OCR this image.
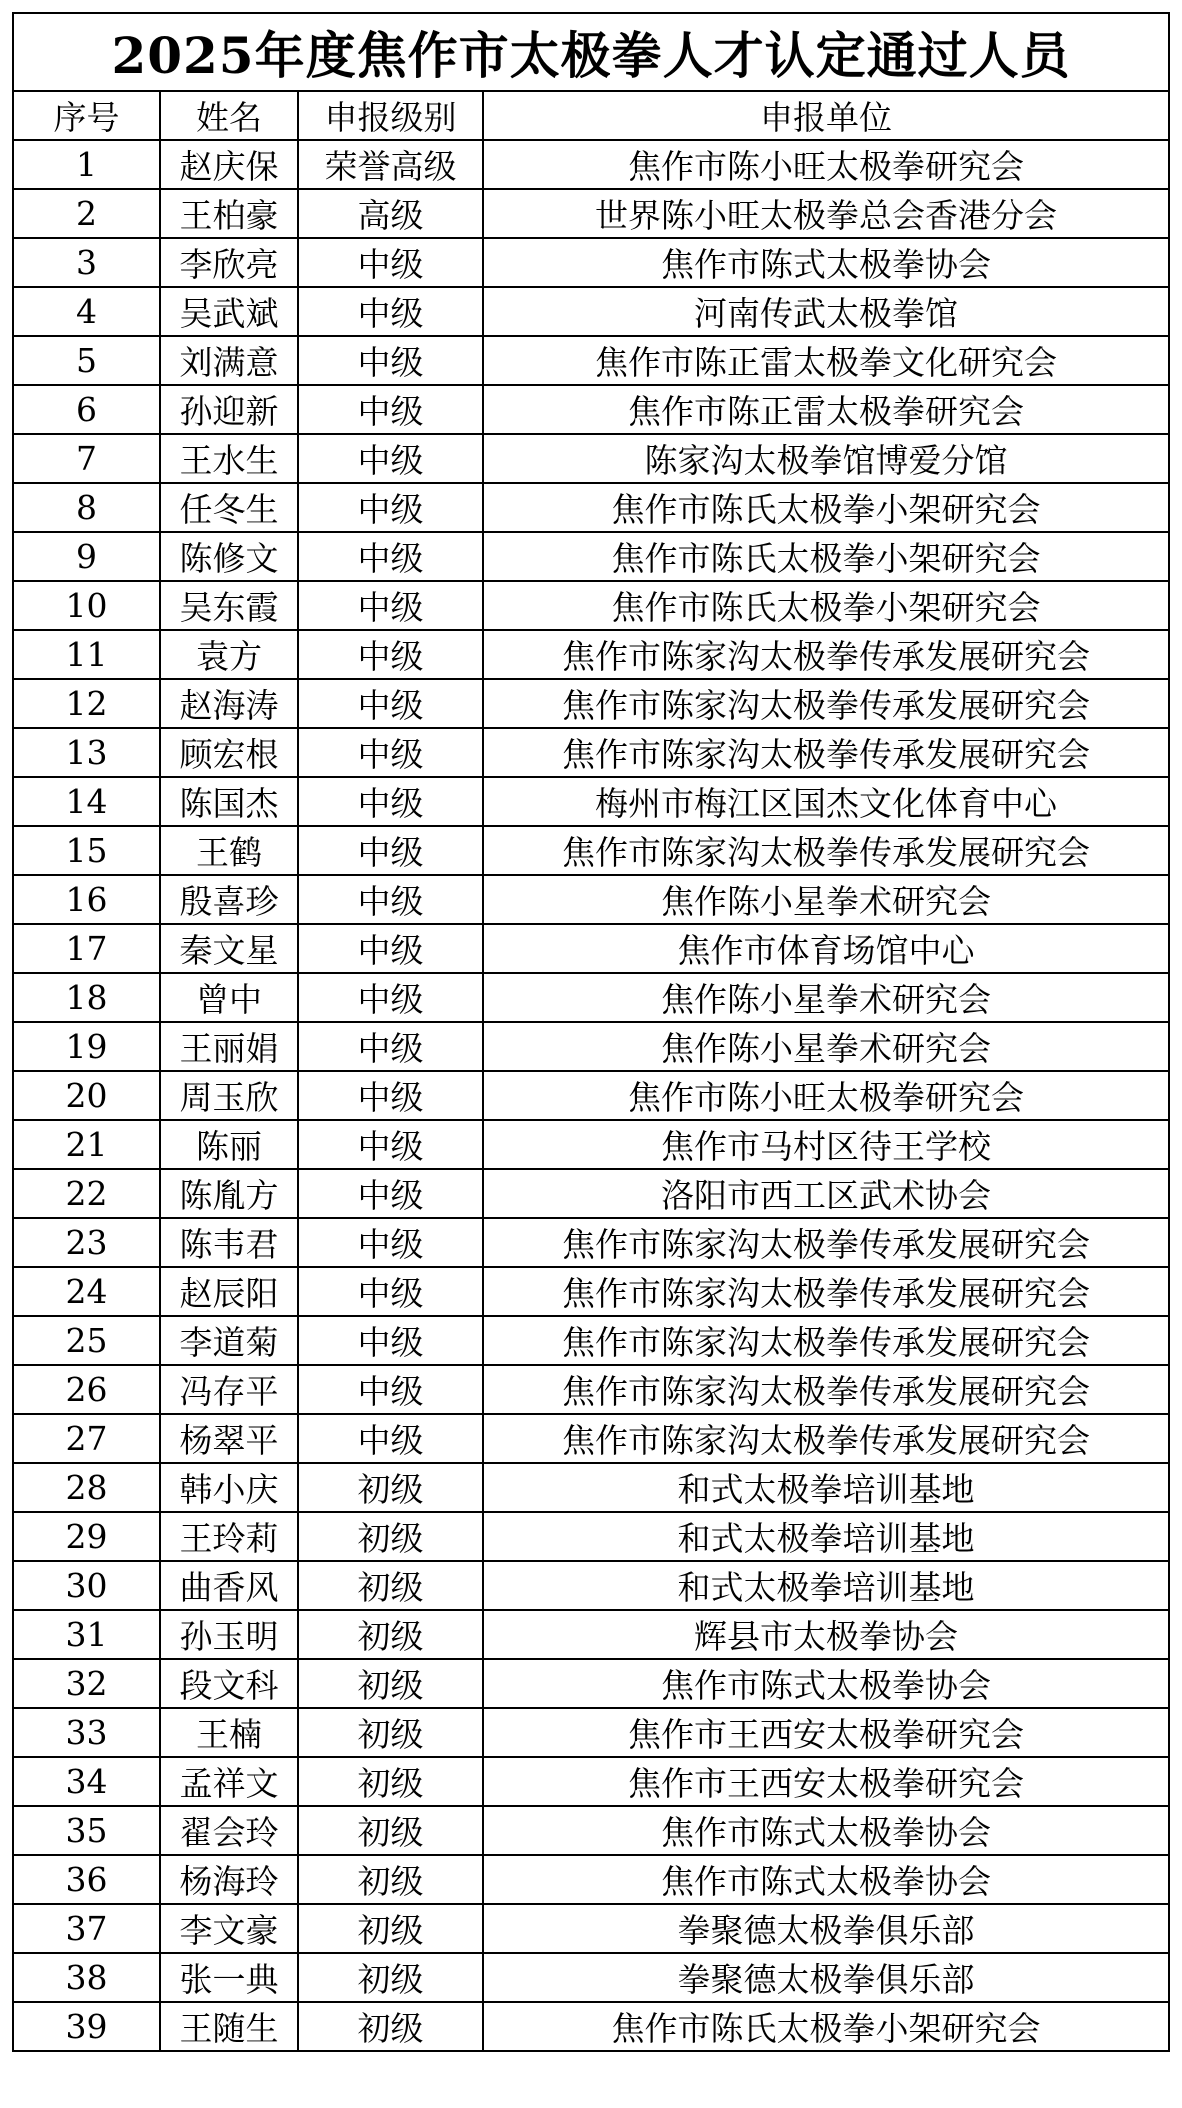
2025年度焦作市太极拳人才认定通过人员			
序号	姓名	申报级别	申报单位
1	赵庆保	荣誉高级	焦作市陈小旺太极拳研究会
2	王柏豪	高级	世界陈小旺太极拳总会香港分会
3	李欣亮	中级	焦作市陈式太极拳协会
4	吴武斌	中级	河南传武太极拳馆
5	刘满意	中级	焦作市陈正雷太极拳文化研究会
6	孙迎新	中级	焦作市陈正雷太极拳研究会
7	王水生	中级	陈家沟太极拳馆博爱分馆
8	任冬生	中级	焦作市陈氏太极拳小架研究会
9	陈修文	中级	焦作市陈氏太极拳小架研究会
10	吴东霞	中级	焦作市陈氏太极拳小架研究会
11	袁方	中级	焦作市陈家沟太极拳传承发展研究会
12	赵海涛	中级	焦作市陈家沟太极拳传承发展研究会
13	顾宏根	中级	焦作市陈家沟太极拳传承发展研究会
14	陈国杰	中级	梅州市梅江区国杰文化体育中心
15	王鹤	中级	焦作市陈家沟太极拳传承发展研究会
16	殷喜珍	中级	焦作陈小星拳术研究会
17	秦文星	中级	焦作市体育场馆中心
18	曾中	中级	焦作陈小星拳术研究会
19	王丽娟	中级	焦作陈小星拳术研究会
20	周玉欣	中级	焦作市陈小旺太极拳研究会
21	陈丽	中级	焦作市马村区待王学校
22	陈胤方	中级	洛阳市西工区武术协会
23	陈韦君	中级	焦作市陈家沟太极拳传承发展研究会
24	赵辰阳	中级	焦作市陈家沟太极拳传承发展研究会
25	李道菊	中级	焦作市陈家沟太极拳传承发展研究会
26	冯存平	中级	焦作市陈家沟太极拳传承发展研究会
27	杨翠平	中级	焦作市陈家沟太极拳传承发展研究会
28	韩小庆	初级	和式太极拳培训基地
29	王玲莉	初级	和式太极拳培训基地
30	曲香风	初级	和式太极拳培训基地
31	孙玉明	初级	辉县市太极拳协会
32	段文科	初级	焦作市陈式太极拳协会
33	王楠	初级	焦作市王西安太极拳研究会
34	孟祥文	初级	焦作市王西安太极拳研究会
35	翟会玲	初级	焦作市陈式太极拳协会
36	杨海玲	初级	焦作市陈式太极拳协会
37	李文豪	初级	拳聚德太极拳俱乐部
38	张一典	初级	拳聚德太极拳俱乐部
39	王随生	初级	焦作市陈氏太极拳小架研究会
